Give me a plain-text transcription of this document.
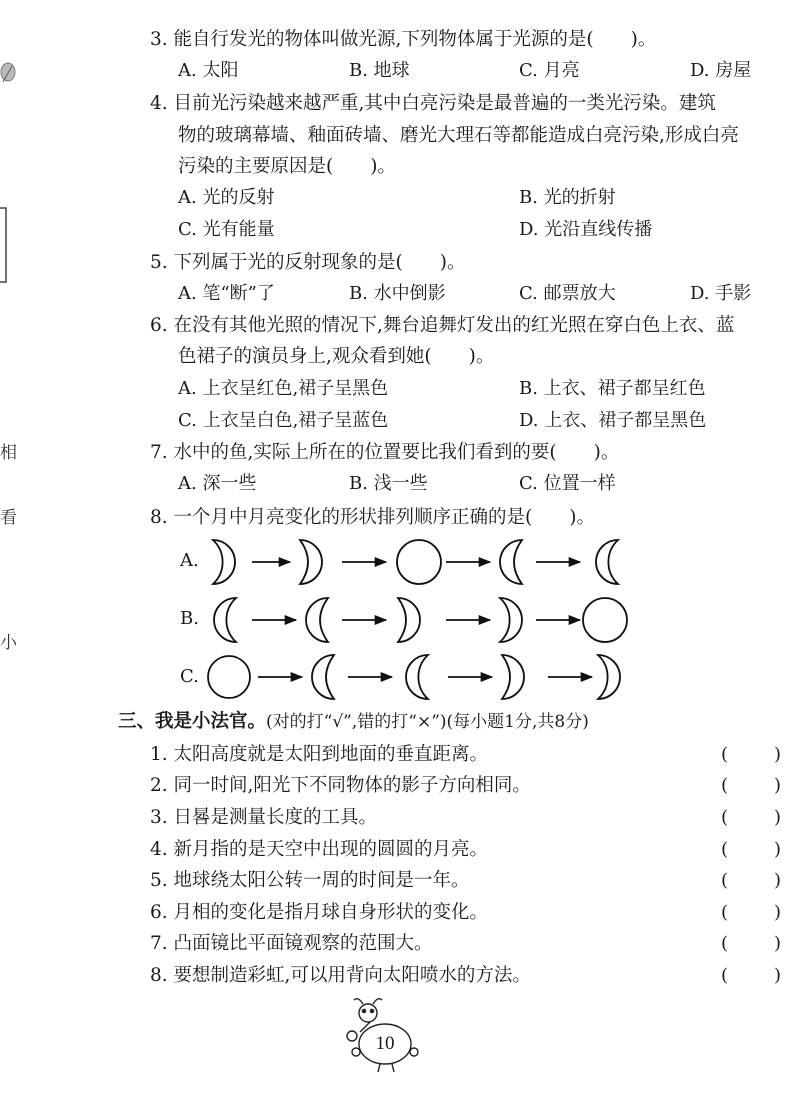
相
看
小
3. 能自行发光的物体叫做光源,下列物体属于光源的是(　　)。
A. 太阳	B. 地球	C. 月亮	D. 房屋
4. 目前光污染越来越严重,其中白亮污染是最普遍的一类光污染。建筑
物的玻璃幕墙、釉面砖墙、磨光大理石等都能造成白亮污染,形成白亮
污染的主要原因是(　　)。
A. 光的反射	B. 光的折射
C. 光有能量	D. 光沿直线传播
5. 下列属于光的反射现象的是(　　)。
A. 笔“断”了	B. 水中倒影	C. 邮票放大	D. 手影
6. 在没有其他光照的情况下,舞台追舞灯发出的红光照在穿白色上衣、蓝
色裙子的演员身上,观众看到她(　　)。
A. 上衣呈红色,裙子呈黑色	B. 上衣、裙子都呈红色
C. 上衣呈白色,裙子呈蓝色	D. 上衣、裙子都呈黑色
7. 水中的鱼,实际上所在的位置要比我们看到的要(　　)。
A. 深一些	B. 浅一些	C. 位置一样
8. 一个月中月亮变化的形状排列顺序正确的是(　　)。
A.
B.
C.
三、我是小法官。(对的打“√”,错的打“×”)(每小题1分,共8分)
1. 太阳高度就是太阳到地面的垂直距离。	(	)
2. 同一时间,阳光下不同物体的影子方向相同。	(	)
3. 日晷是测量长度的工具。	(	)
4. 新月指的是天空中出现的圆圆的月亮。	(	)
5. 地球绕太阳公转一周的时间是一年。	(	)
6. 月相的变化是指月球自身形状的变化。	(	)
7. 凸面镜比平面镜观察的范围大。	(	)
8. 要想制造彩虹,可以用背向太阳喷水的方法。	(	)
10
